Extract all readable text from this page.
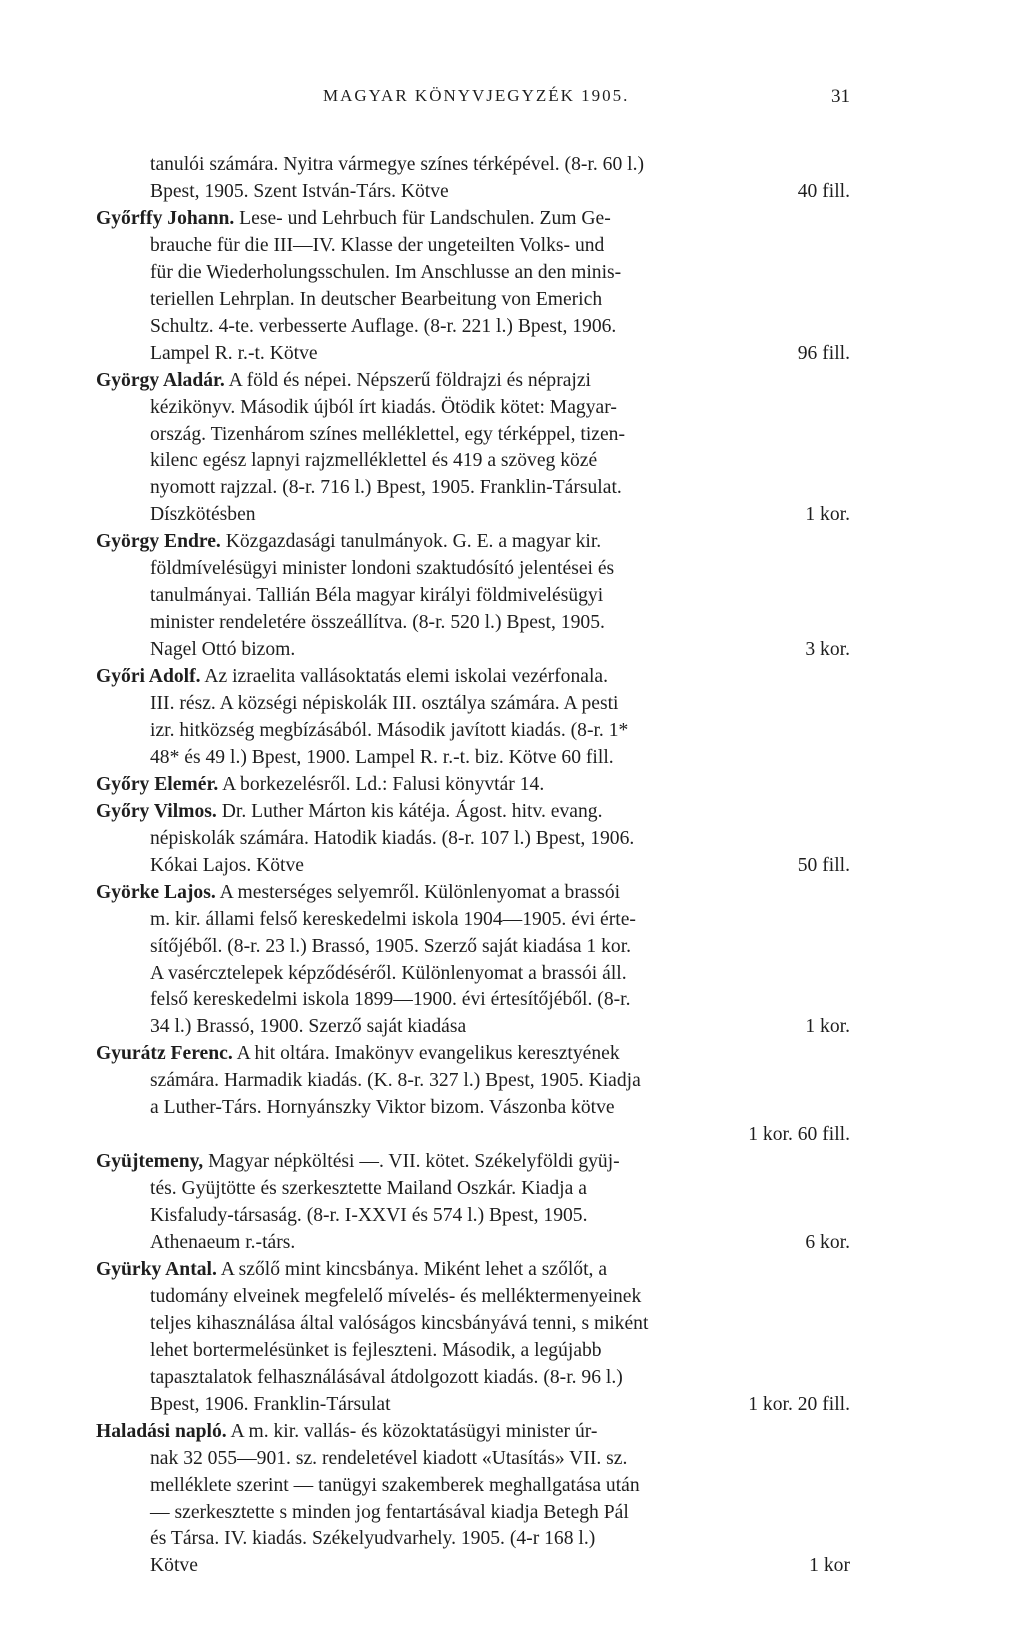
MAGYAR KÖNYVJEGYZÉK 1905.	31
tanulói számára. Nyitra vármegye színes térképével. (8-r. 60 l.)
Bpest, 1905. Szent István-Társ. Kötve	40 fill.
Győrffy Johann. Lese- und Lehrbuch für Landschulen. Zum Ge-
brauche für die III—IV. Klasse der ungeteilten Volks- und
für die Wiederholungsschulen. Im Anschlusse an den minis-
teriellen Lehrplan. In deutscher Bearbeitung von Emerich
Schultz. 4-te. verbesserte Auflage. (8-r. 221 l.) Bpest, 1906.
Lampel R. r.-t. Kötve	96 fill.
György Aladár. A föld és népei. Népszerű földrajzi és néprajzi
kézikönyv. Második újból írt kiadás. Ötödik kötet: Magyar-
ország. Tizenhárom színes melléklettel, egy térképpel, tizen-
kilenc egész lapnyi rajzmelléklettel és 419 a szöveg közé
nyomott rajzzal. (8-r. 716 l.) Bpest, 1905. Franklin-Társulat.
Díszkötésben	1 kor.
György Endre. Közgazdasági tanulmányok. G. E. a magyar kir.
földmívelésügyi minister londoni szaktudósító jelentései és
tanulmányai. Tallián Béla magyar királyi földmivelésügyi
minister rendeletére összeállítva. (8-r. 520 l.) Bpest, 1905.
Nagel Ottó bizom.	3 kor.
Győri Adolf. Az izraelita vallásoktatás elemi iskolai vezérfonala.
III. rész. A községi népiskolák III. osztálya számára. A pesti
izr. hitközség megbízásából. Második javított kiadás. (8-r. 1*
48* és 49 l.) Bpest, 1900. Lampel R. r.-t. biz. Kötve 60 fill.
Győry Elemér. A borkezelésről. Ld.: Falusi könyvtár 14.
Győry Vilmos. Dr. Luther Márton kis kátéja. Ágost. hitv. evang.
népiskolák számára. Hatodik kiadás. (8-r. 107 l.) Bpest, 1906.
Kókai Lajos. Kötve	50 fill.
Györke Lajos. A mesterséges selyemről. Különlenyomat a brassói
m. kir. állami felső kereskedelmi iskola 1904—1905. évi érte-
sítőjéből. (8-r. 23 l.) Brassó, 1905. Szerző saját kiadása 1 kor.
A vasércztelepek képződéséről. Különlenyomat a brassói áll.
felső kereskedelmi iskola 1899—1900. évi értesítőjéből. (8-r.
34 l.) Brassó, 1900. Szerző saját kiadása	1 kor.
Gyurátz Ferenc. A hit oltára. Imakönyv evangelikus keresztyének
számára. Harmadik kiadás. (K. 8-r. 327 l.) Bpest, 1905. Kiadja
a Luther-Társ. Hornyánszky Viktor bizom. Vászonba kötve
1 kor. 60 fill.
Gyüjtemeny, Magyar népköltési —. VII. kötet. Székelyföldi gyüj-
tés. Gyüjtötte és szerkesztette Mailand Oszkár. Kiadja a
Kisfaludy-társaság. (8-r. I-XXVI és 574 l.) Bpest, 1905.
Athenaeum r.-társ.	6 kor.
Gyürky Antal. A szőlő mint kincsbánya. Miként lehet a szőlőt, a
tudomány elveinek megfelelő mívelés- és melléktermenyeinek
teljes kihasználása által valóságos kincsbányává tenni, s miként
lehet bortermelésünket is fejleszteni. Második, a legújabb
tapasztalatok felhasználásával átdolgozott kiadás. (8-r. 96 l.)
Bpest, 1906. Franklin-Társulat	1 kor. 20 fill.
Haladási napló. A m. kir. vallás- és közoktatásügyi minister úr-
nak 32 055—901. sz. rendeletével kiadott «Utasítás» VII. sz.
melléklete szerint — tanügyi szakemberek meghallgatása után
— szerkesztette s minden jog fentartásával kiadja Betegh Pál
és Társa. IV. kiadás. Székelyudvarhely. 1905. (4-r 168 l.)
Kötve	1 kor
